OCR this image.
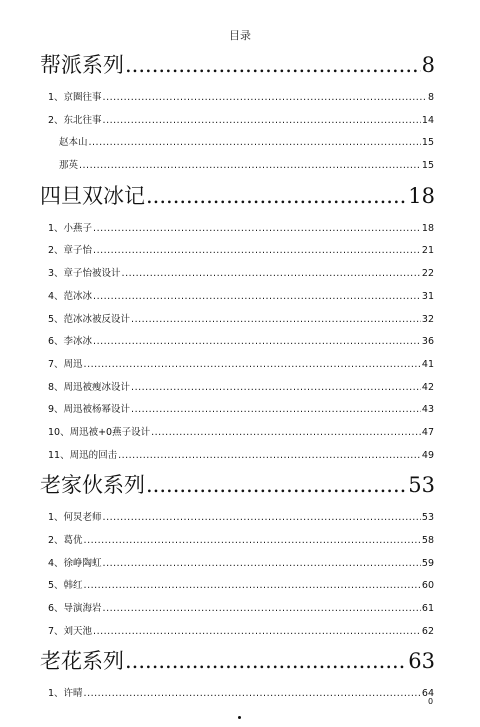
目录
帮派系列 .....	8
1、京圈往事 .....	8
2、东北往事 .....	14
赵本山 .....	15
那英 .....	15
四旦双冰记 .....	18
1、小燕子 .....	18
2、章子怡 .....	21
3、章子怡被设计 .....	22
4、范冰冰 .....	31
5、范冰冰被反设计 .....	32
6、李冰冰 .....	36
7、周迅 .....	41
8、周迅被瘦冰设计 .....	42
9、周迅被杨幂设计 .....	43
10、周迅被+0燕子设计 .....	47
11、周迅的回击 .....	49
老家伙系列 .....	53
1、何炅老师 .....	53
2、葛优 .....	58
4、徐峥陶虹 .....	59
5、韩红 .....	60
6、导演海岩 .....	61
7、刘天池 .....	62
老花系列 .....	63
1、许晴 .....	64
0
